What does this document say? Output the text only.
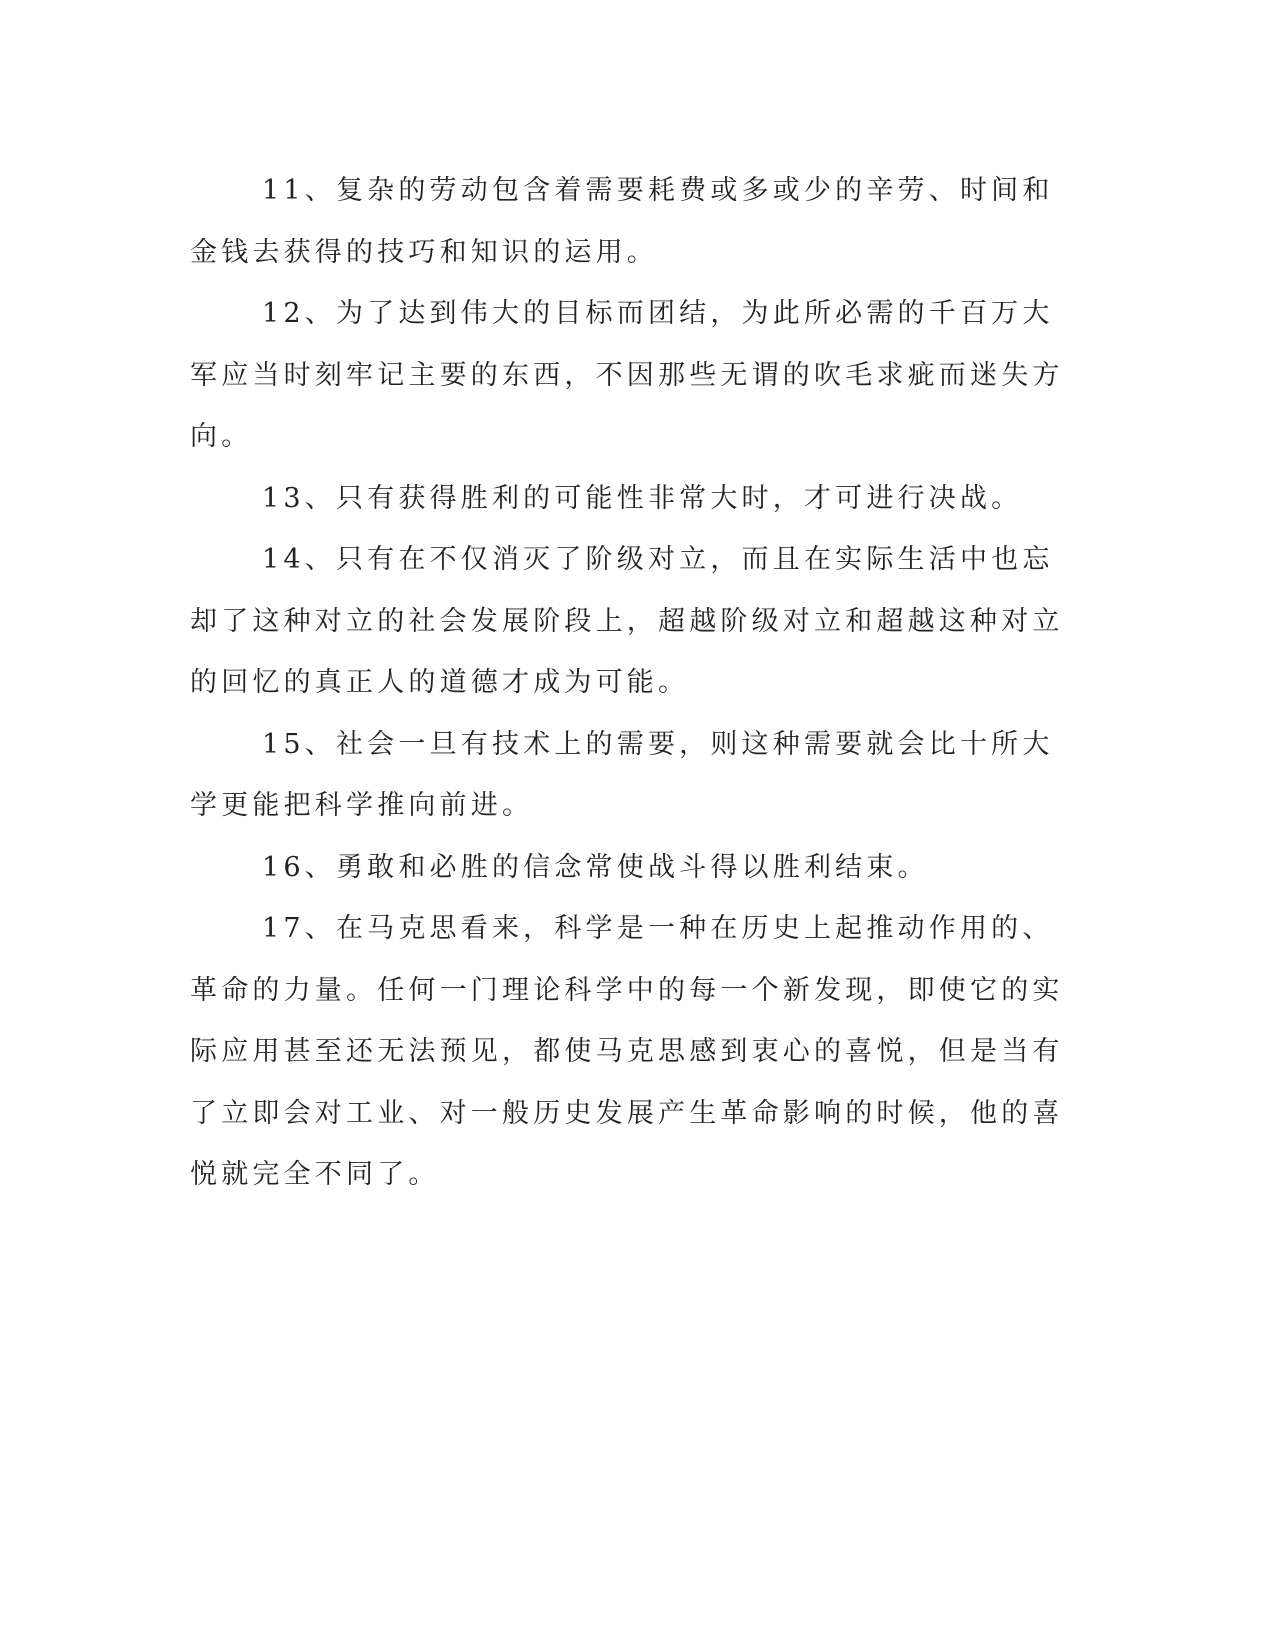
11、复杂的劳动包含着需要耗费或多或少的辛劳、时间和金钱去获得的技巧和知识的运用。

12、为了达到伟大的目标而团结，为此所必需的千百万大军应当时刻牢记主要的东西，不因那些无谓的吹毛求疵而迷失方向。

13、只有获得胜利的可能性非常大时，才可进行决战。

14、只有在不仅消灭了阶级对立，而且在实际生活中也忘却了这种对立的社会发展阶段上，超越阶级对立和超越这种对立的回忆的真正人的道德才成为可能。

15、社会一旦有技术上的需要，则这种需要就会比十所大学更能把科学推向前进。

16、勇敢和必胜的信念常使战斗得以胜利结束。

17、在马克思看来，科学是一种在历史上起推动作用的、革命的力量。任何一门理论科学中的每一个新发现，即使它的实际应用甚至还无法预见，都使马克思感到衷心的喜悦，但是当有了立即会对工业、对一般历史发展产生革命影响的时候，他的喜悦就完全不同了。
